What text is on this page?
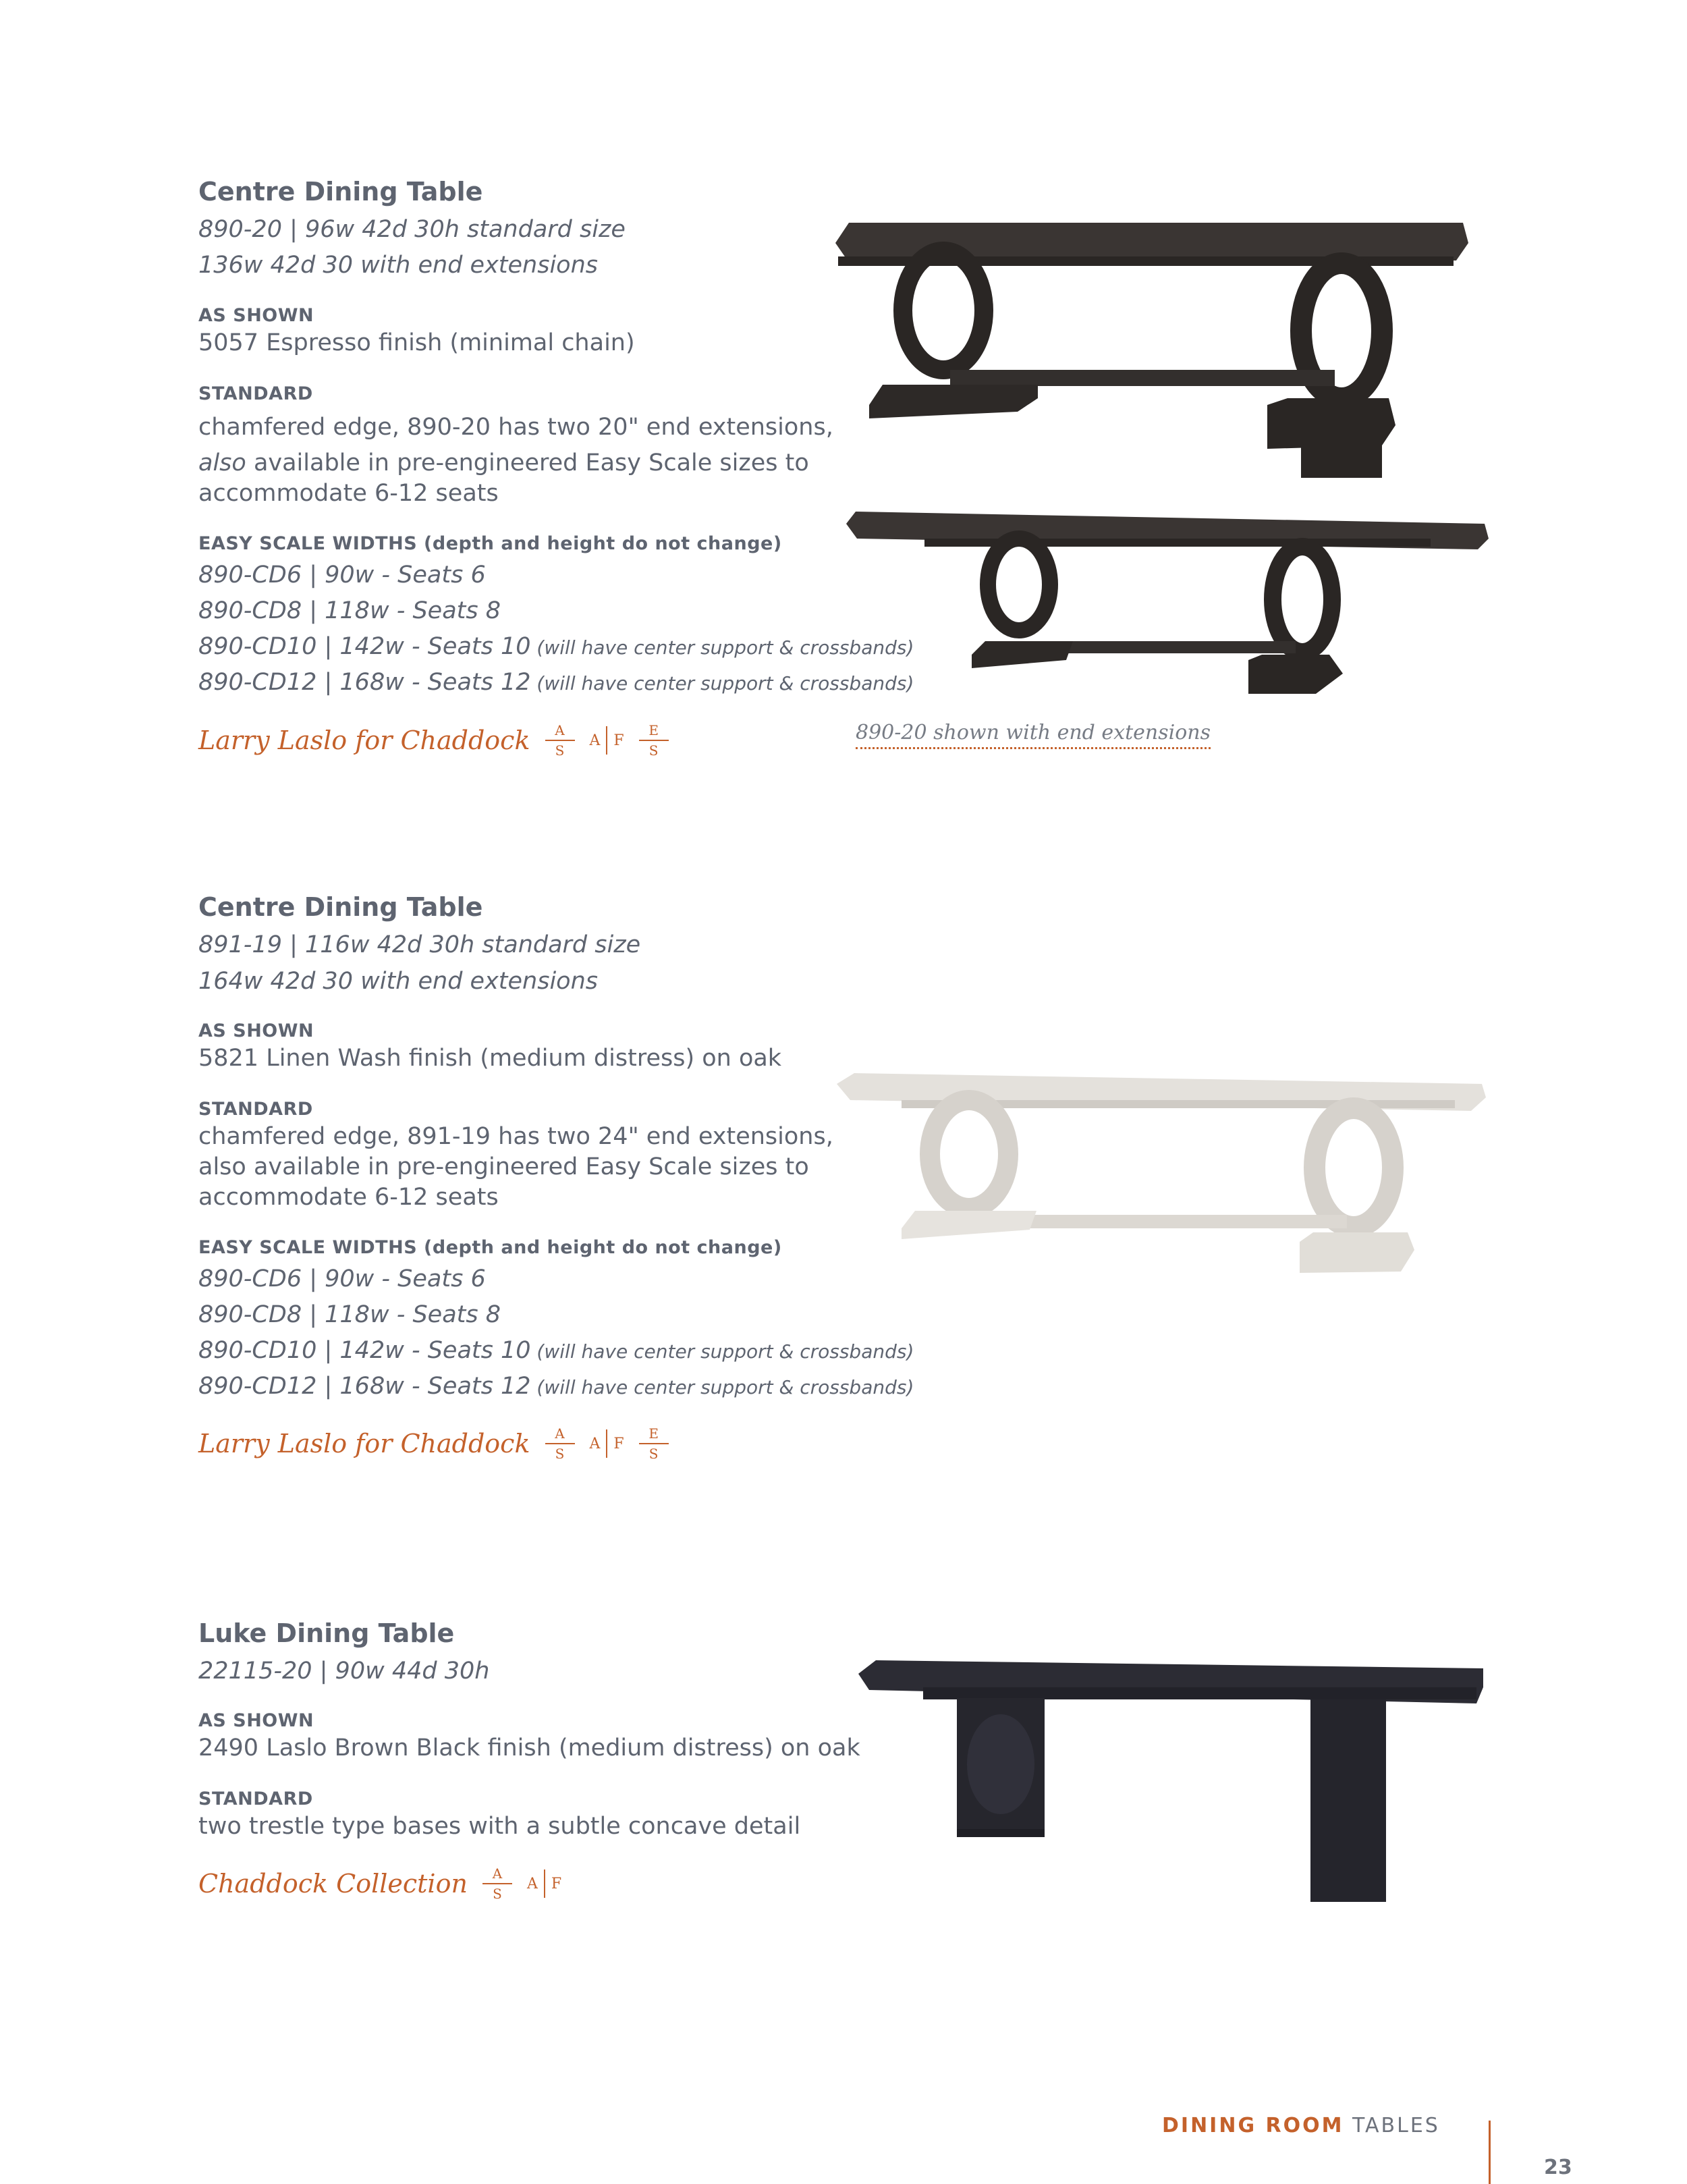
Centre Dining Table
890-20 | 96w 42d 30h standard size
136w 42d 30 with end extensions
AS SHOWN
5057 Espresso finish (minimal chain)
STANDARD
chamfered edge, 890-20 has two 20" end extensions,
also available in pre-engineered Easy Scale sizes to
accommodate 6-12 seats
EASY SCALE WIDTHS (depth and height do not change)
890-CD6 | 90w - Seats 6
890-CD8 | 118w - Seats 8
890-CD10 | 142w - Seats 10 (will have center support & crossbands)
890-CD12 | 168w - Seats 12 (will have center support & crossbands)
Larry Laslo for Chaddock $\frac{A}{S}$ A F $\frac{E}{S}$	890-20 shown with end extensions
Centre Dining Table
891-19 | 116w 42d 30h standard size
164w 42d 30 with end extensions
AS SHOWN
5821 Linen Wash finish (medium distress) on oak
STANDARD
chamfered edge, 891-19 has two 24" end extensions,
also available in pre-engineered Easy Scale sizes to
accommodate 6-12 seats
EASY SCALE WIDTHS (depth and height do not change)
890-CD6 | 90w - Seats 6
890-CD8 | 118w - Seats 8
890-CD10 | 142w - Seats 10 (will have center support & crossbands)
890-CD12 | 168w - Seats 12 (will have center support & crossbands)
Larry Laslo for Chaddock $\frac{A}{S}$ A F $\frac{E}{S}$
Luke Dining Table
22115-20 | 90w 44d 30h
AS SHOWN
2490 Laslo Brown Black finish (medium distress) on oak
STANDARD
two trestle type bases with a subtle concave detail
Chaddock Collection $\frac{A}{S}$ A F
DINING ROOM TABLES
23
